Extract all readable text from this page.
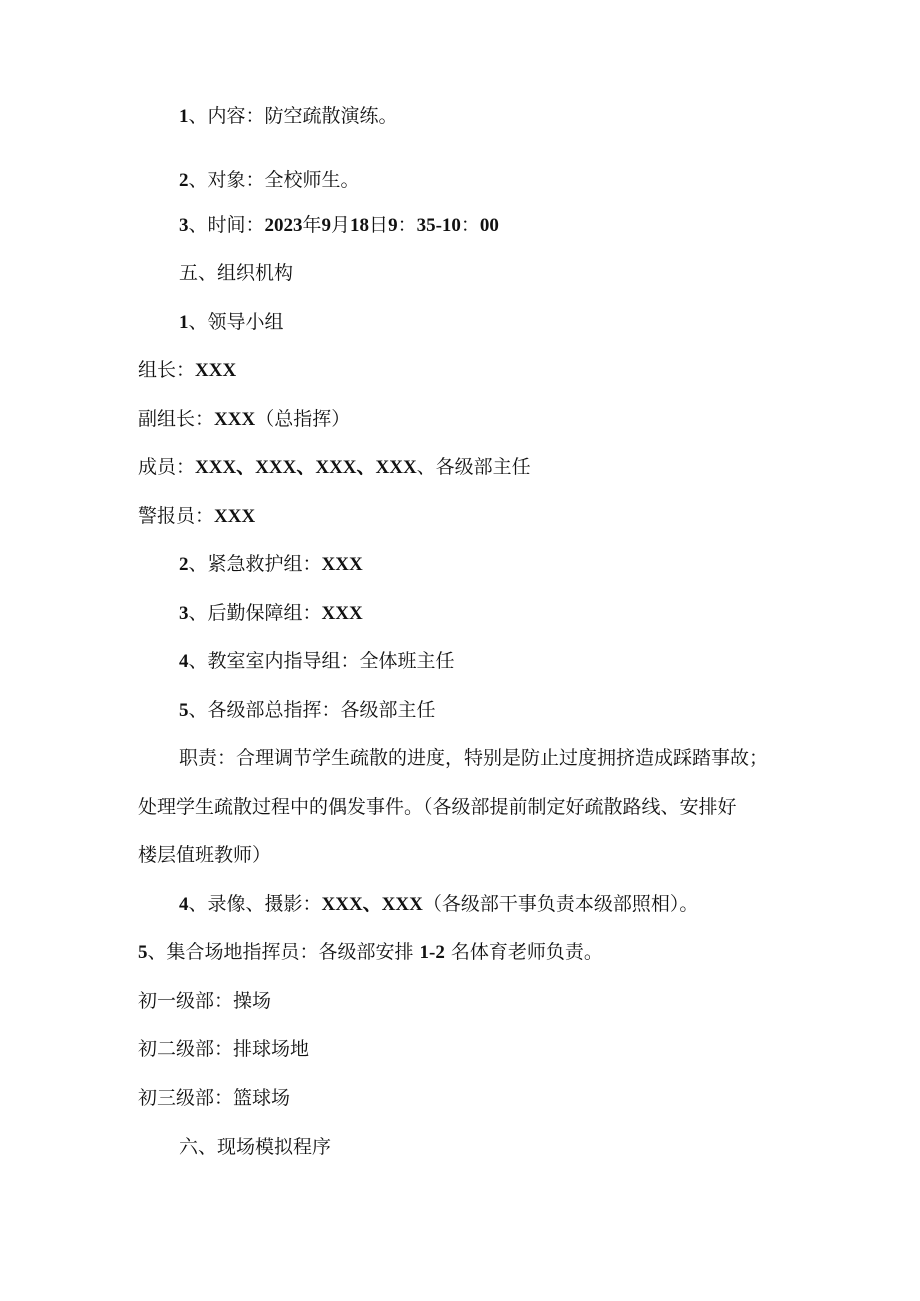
1、内容：防空疏散演练。
2、对象：全校师生。
3、时间：2023年9月18日9：35-10：00
五、组织机构
1、领导小组
组长：XXX
副组长：XXX（总指挥）
成员：XXX、XXX、XXX、XXX、各级部主任
警报员：XXX
2、紧急救护组：XXX
3、后勤保障组：XXX
4、教室室内指导组：全体班主任
5、各级部总指挥：各级部主任
职责：合理调节学生疏散的进度，特别是防止过度拥挤造成踩踏事故；
处理学生疏散过程中的偶发事件。（各级部提前制定好疏散路线、安排好
楼层值班教师）
4、录像、摄影：XXX、XXX（各级部干事负责本级部照相）。
5、集合场地指挥员：各级部安排 1-2 名体育老师负责。
初一级部：操场
初二级部：排球场地
初三级部：篮球场
六、现场模拟程序
